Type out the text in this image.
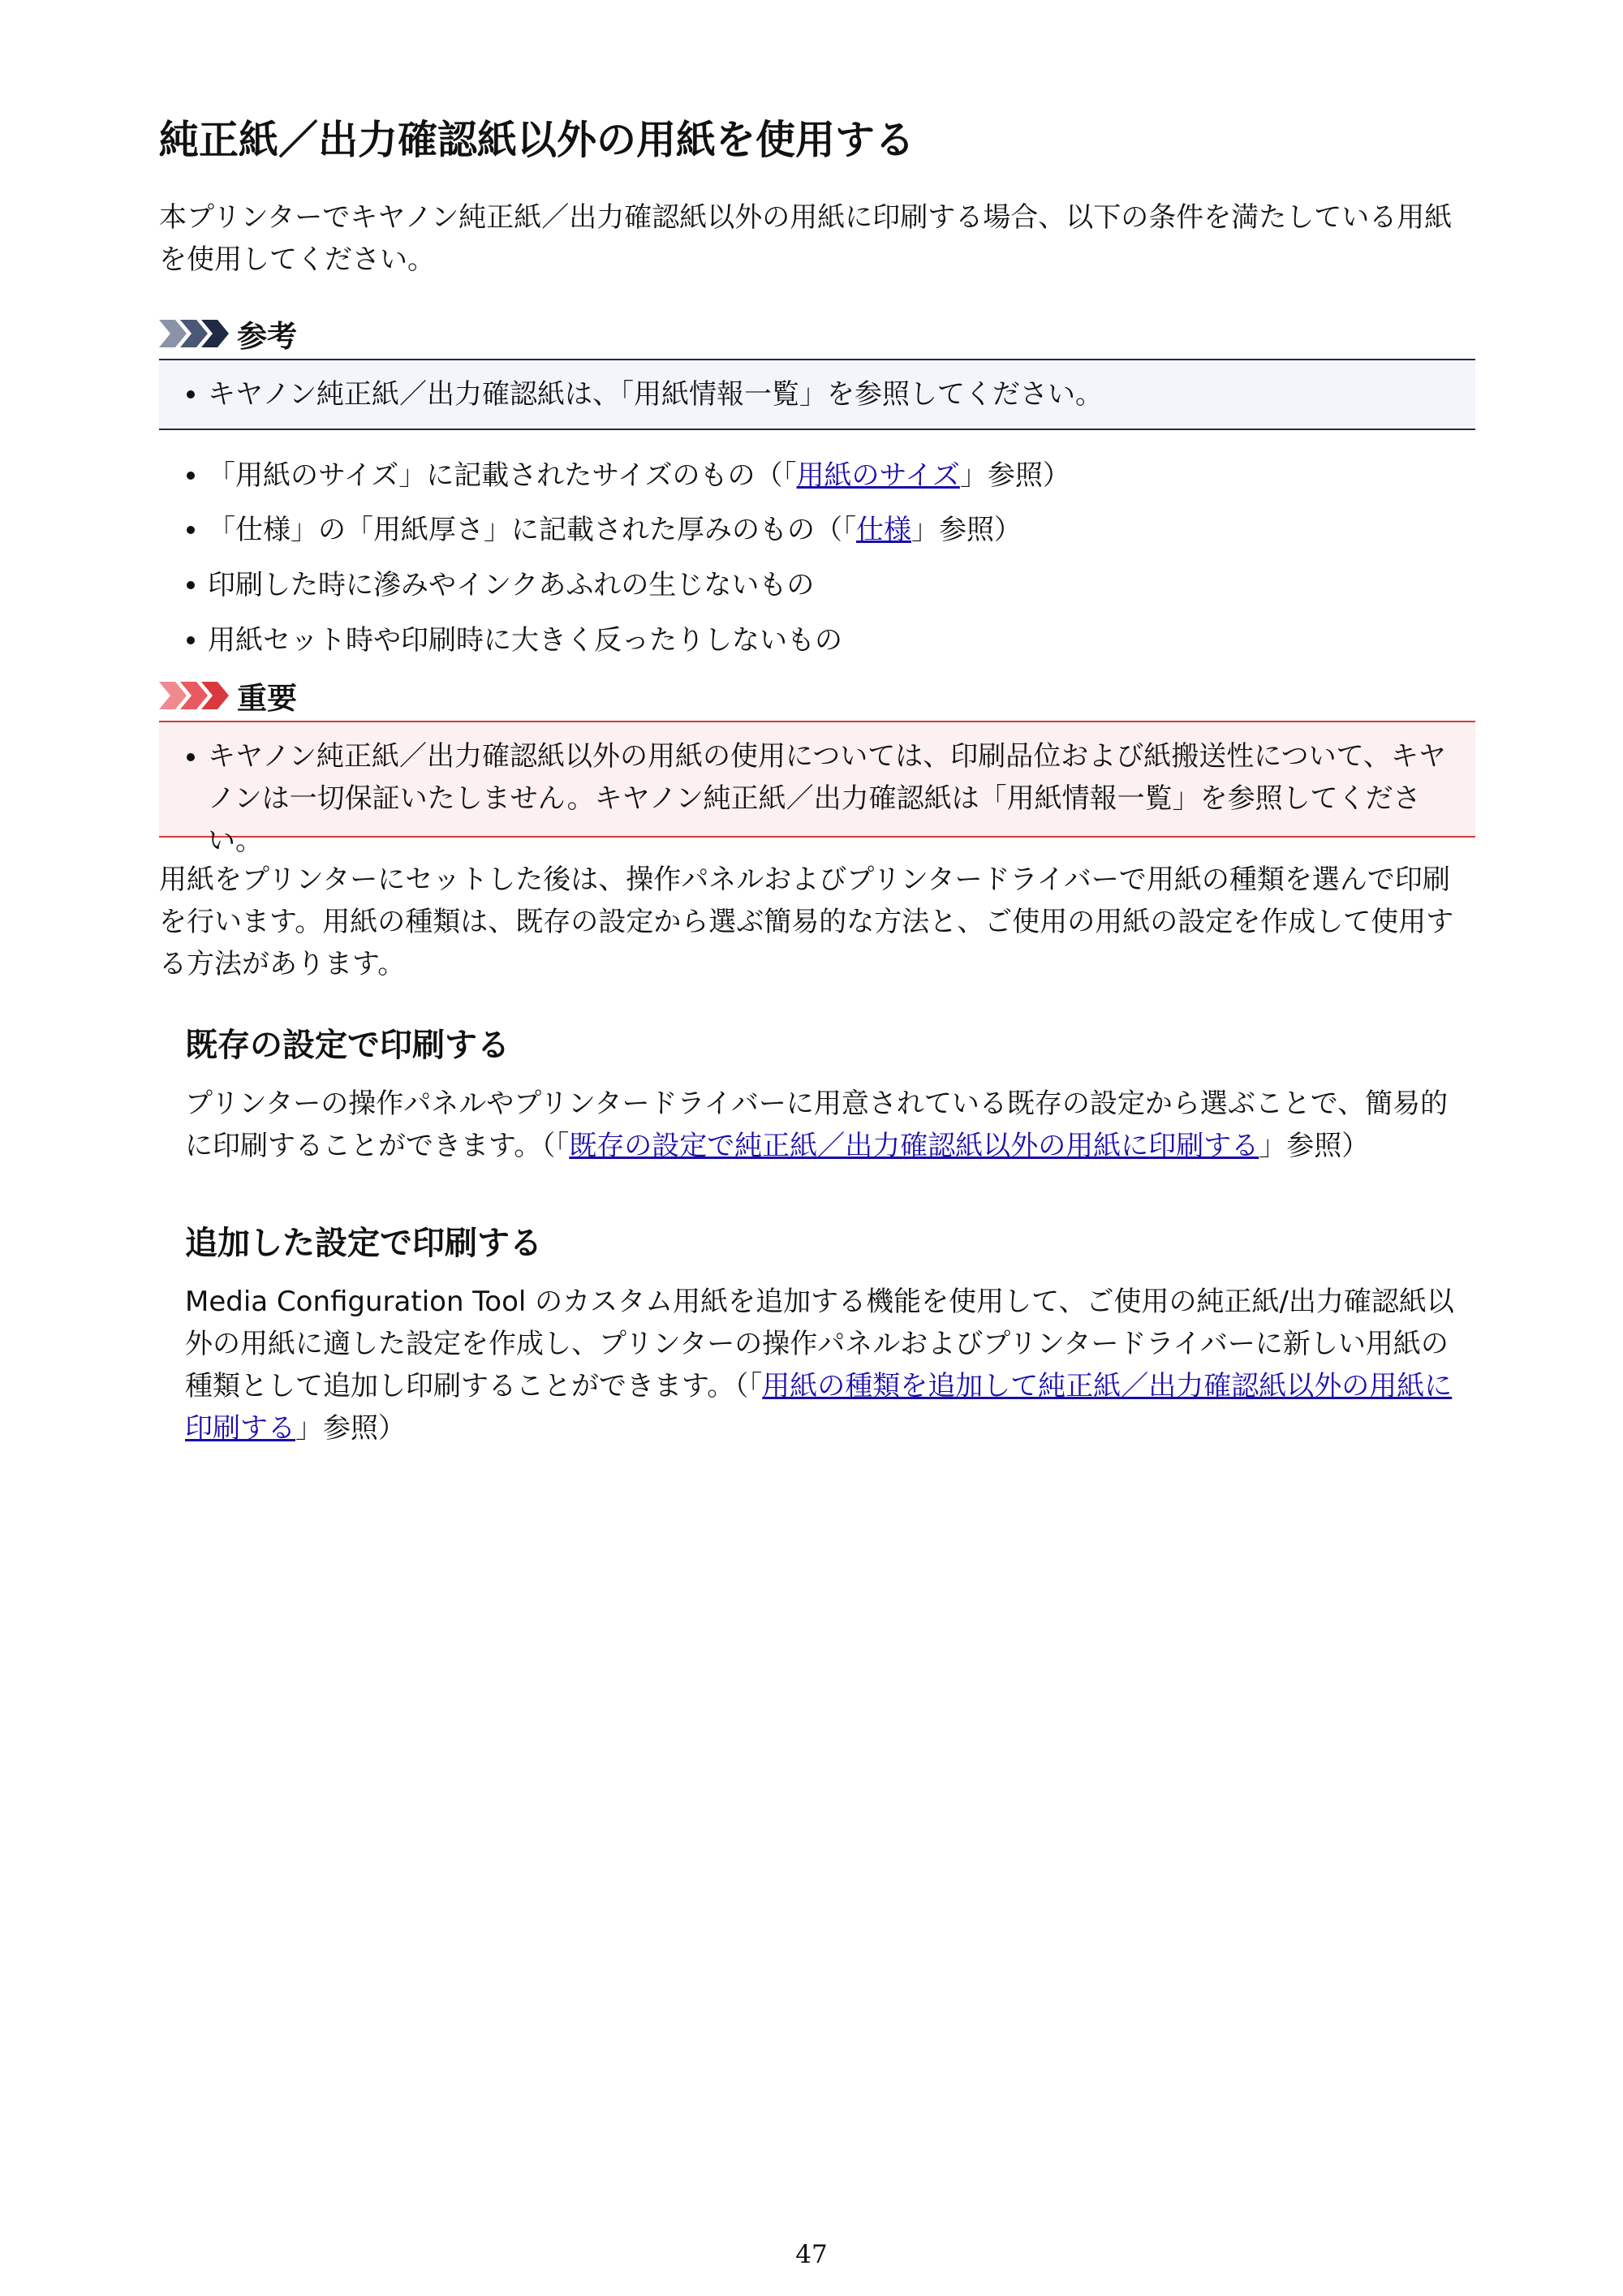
純正紙／出力確認紙以外の用紙を使用する

本プリンターでキヤノン純正紙／出力確認紙以外の用紙に印刷する場合、以下の条件を満たしている用紙を使用してください。

参考

キヤノン純正紙／出力確認紙は、「用紙情報一覧」を参照してください。

「用紙のサイズ」に記載されたサイズのもの（「用紙のサイズ」参照）

「仕様」の「用紙厚さ」に記載された厚みのもの（「仕様」参照）

印刷した時に滲みやインクあふれの生じないもの

用紙セット時や印刷時に大きく反ったりしないもの

重要

キヤノン純正紙／出力確認紙以外の用紙の使用については、印刷品位および紙搬送性について、キヤノンは一切保証いたしません。キヤノン純正紙／出力確認紙は「用紙情報一覧」を参照してください。

用紙をプリンターにセットした後は、操作パネルおよびプリンタードライバーで用紙の種類を選んで印刷を行います。用紙の種類は、既存の設定から選ぶ簡易的な方法と、ご使用の用紙の設定を作成して使用する方法があります。

既存の設定で印刷する

プリンターの操作パネルやプリンタードライバーに用意されている既存の設定から選ぶことで、簡易的に印刷することができます。（「既存の設定で純正紙／出力確認紙以外の用紙に印刷する」参照）

追加した設定で印刷する

Media Configuration Tool のカスタム用紙を追加する機能を使用して、ご使用の純正紙/出力確認紙以外の用紙に適した設定を作成し、プリンターの操作パネルおよびプリンタードライバーに新しい用紙の種類として追加し印刷することができます。（「用紙の種類を追加して純正紙／出力確認紙以外の用紙に印刷する」参照）

47
